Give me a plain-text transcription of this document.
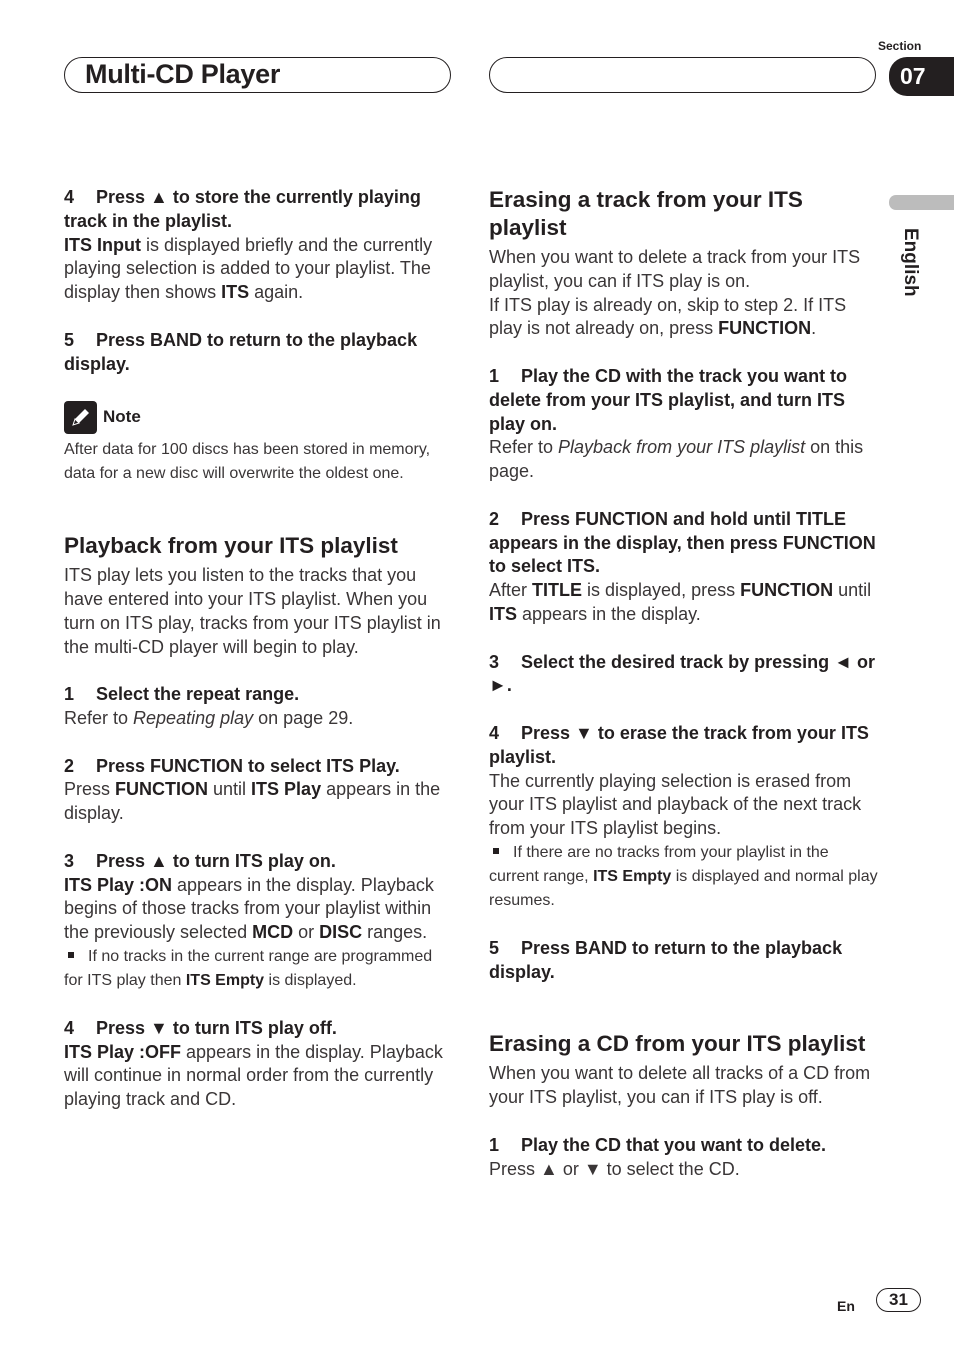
Multi-CD Player
Section
07
English

4 Press ▲ to store the currently playing track in the playlist.

ITS Input is displayed briefly and the currently playing selection is added to your playlist. The display then shows ITS again.

5 Press BAND to return to the playback display.

Note

After data for 100 discs has been stored in memory, data for a new disc will overwrite the oldest one.

Playback from your ITS playlist

ITS play lets you listen to the tracks that you have entered into your ITS playlist. When you turn on ITS play, tracks from your ITS playlist in the multi-CD player will begin to play.

1 Select the repeat range.

Refer to Repeating play on page 29.

2 Press FUNCTION to select ITS Play.

Press FUNCTION until ITS Play appears in the display.

3 Press ▲ to turn ITS play on.

ITS Play :ON appears in the display. Playback begins of those tracks from your playlist within the previously selected MCD or DISC ranges.

If no tracks in the current range are programmed for ITS play then ITS Empty is displayed.

4 Press ▼ to turn ITS play off.

ITS Play :OFF appears in the display. Playback will continue in normal order from the currently playing track and CD.

Erasing a track from your ITS playlist

When you want to delete a track from your ITS playlist, you can if ITS play is on.

If ITS play is already on, skip to step 2. If ITS play is not already on, press FUNCTION.

1 Play the CD with the track you want to delete from your ITS playlist, and turn ITS play on.

Refer to Playback from your ITS playlist on this page.

2 Press FUNCTION and hold until TITLE appears in the display, then press FUNCTION to select ITS.

After TITLE is displayed, press FUNCTION until ITS appears in the display.

3 Select the desired track by pressing ◄ or ►.

4 Press ▼ to erase the track from your ITS playlist.

The currently playing selection is erased from your ITS playlist and playback of the next track from your ITS playlist begins.

If there are no tracks from your playlist in the current range, ITS Empty is displayed and normal play resumes.

5 Press BAND to return to the playback display.

Erasing a CD from your ITS playlist

When you want to delete all tracks of a CD from your ITS playlist, you can if ITS play is off.

1 Play the CD that you want to delete.

Press ▲ or ▼ to select the CD.

En	31
